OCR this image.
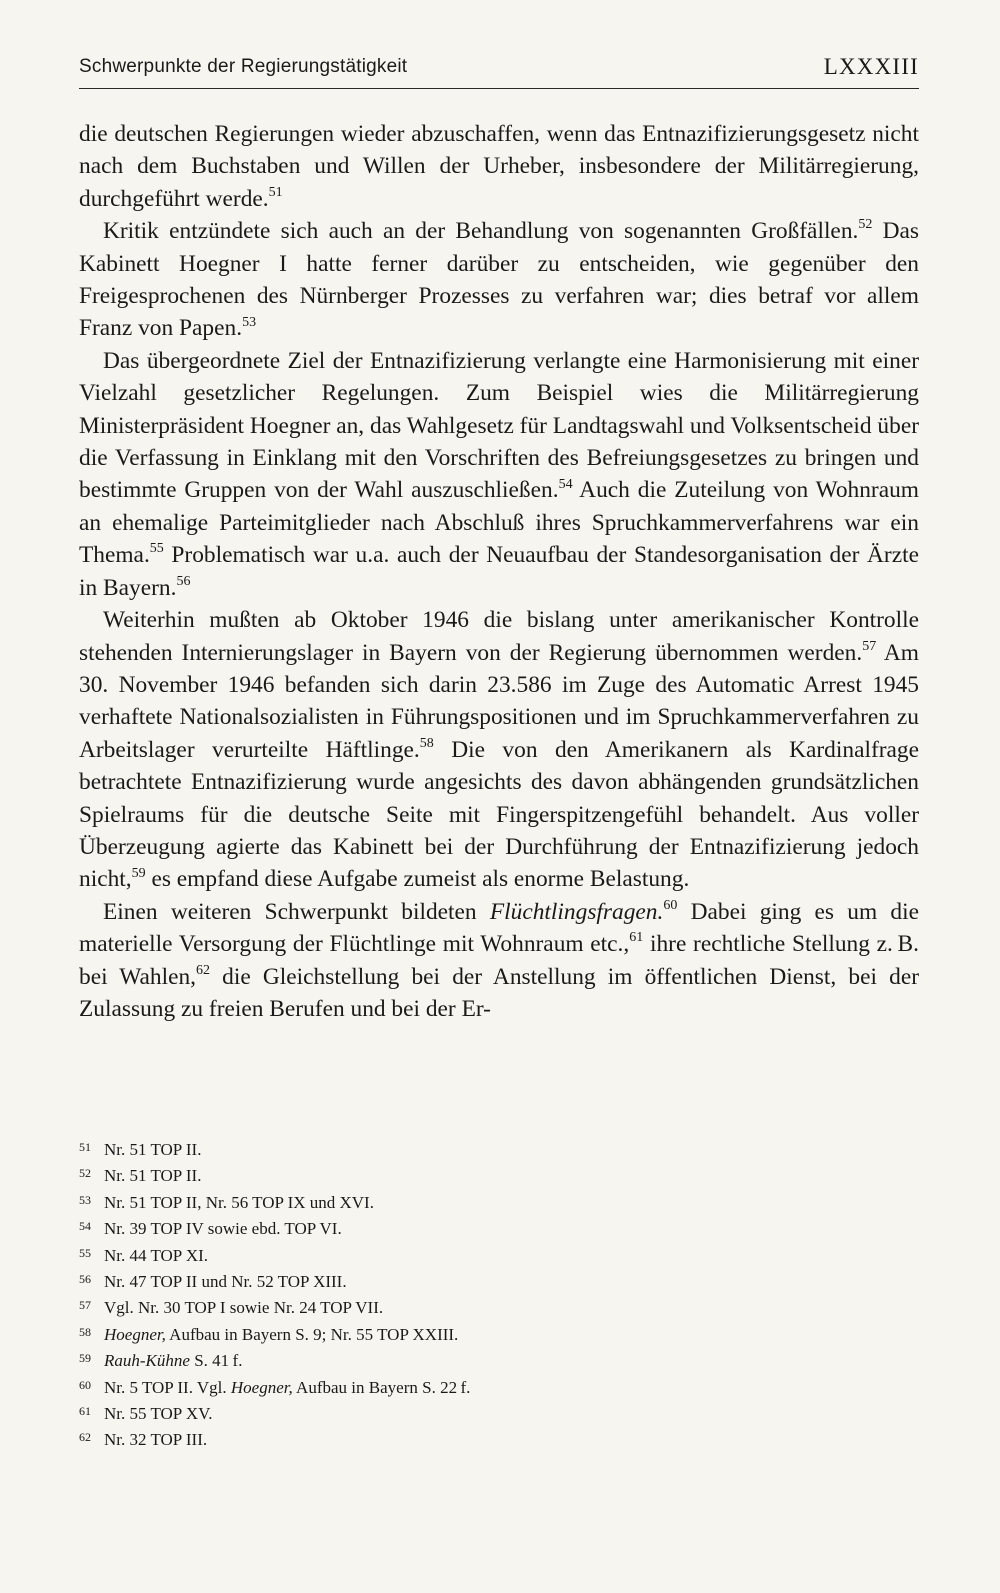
Schwerpunkte der Regierungstätigkeit	LXXXIII

die deutschen Regierungen wieder abzuschaffen, wenn das Entnazifizierungsgesetz nicht nach dem Buchstaben und Willen der Urheber, insbesondere der Militärregierung, durchgeführt werde.$^{51}$

Kritik entzündete sich auch an der Behandlung von sogenannten Großfällen.$^{52}$ Das Kabinett Hoegner I hatte ferner darüber zu entscheiden, wie gegenüber den Freigesprochenen des Nürnberger Prozesses zu verfahren war; dies betraf vor allem Franz von Papen.$^{53}$

Das übergeordnete Ziel der Entnazifizierung verlangte eine Harmonisierung mit einer Vielzahl gesetzlicher Regelungen. Zum Beispiel wies die Militärregierung Ministerpräsident Hoegner an, das Wahlgesetz für Landtagswahl und Volksentscheid über die Verfassung in Einklang mit den Vorschriften des Befreiungsgesetzes zu bringen und bestimmte Gruppen von der Wahl auszuschließen.$^{54}$ Auch die Zuteilung von Wohnraum an ehemalige Parteimitglieder nach Abschluß ihres Spruchkammerverfahrens war ein Thema.$^{55}$ Problematisch war u.a. auch der Neuaufbau der Standesorganisation der Ärzte in Bayern.$^{56}$

Weiterhin mußten ab Oktober 1946 die bislang unter amerikanischer Kontrolle stehenden Internierungslager in Bayern von der Regierung übernommen werden.$^{57}$ Am 30. November 1946 befanden sich darin 23.586 im Zuge des Automatic Arrest 1945 verhaftete Nationalsozialisten in Führungspositionen und im Spruchkammerverfahren zu Arbeitslager verurteilte Häftlinge.$^{58}$ Die von den Amerikanern als Kardinalfrage betrachtete Entnazifizierung wurde angesichts des davon abhängenden grundsätzlichen Spielraums für die deutsche Seite mit Fingerspitzengefühl behandelt. Aus voller Überzeugung agierte das Kabinett bei der Durchführung der Entnazifizierung jedoch nicht,$^{59}$ es empfand diese Aufgabe zumeist als enorme Belastung.

Einen weiteren Schwerpunkt bildeten Flüchtlingsfragen.$^{60}$ Dabei ging es um die materielle Versorgung der Flüchtlinge mit Wohnraum etc.,$^{61}$ ihre rechtliche Stellung z. B. bei Wahlen,$^{62}$ die Gleichstellung bei der Anstellung im öffentlichen Dienst, bei der Zulassung zu freien Berufen und bei der Er-

51 Nr. 51 TOP II.
52 Nr. 51 TOP II.
53 Nr. 51 TOP II, Nr. 56 TOP IX und XVI.
54 Nr. 39 TOP IV sowie ebd. TOP VI.
55 Nr. 44 TOP XI.
56 Nr. 47 TOP II und Nr. 52 TOP XIII.
57 Vgl. Nr. 30 TOP I sowie Nr. 24 TOP VII.
58 Hoegner, Aufbau in Bayern S. 9; Nr. 55 TOP XXIII.
59 Rauh-Kühne S. 41 f.
60 Nr. 5 TOP II. Vgl. Hoegner, Aufbau in Bayern S. 22 f.
61 Nr. 55 TOP XV.
62 Nr. 32 TOP III.
